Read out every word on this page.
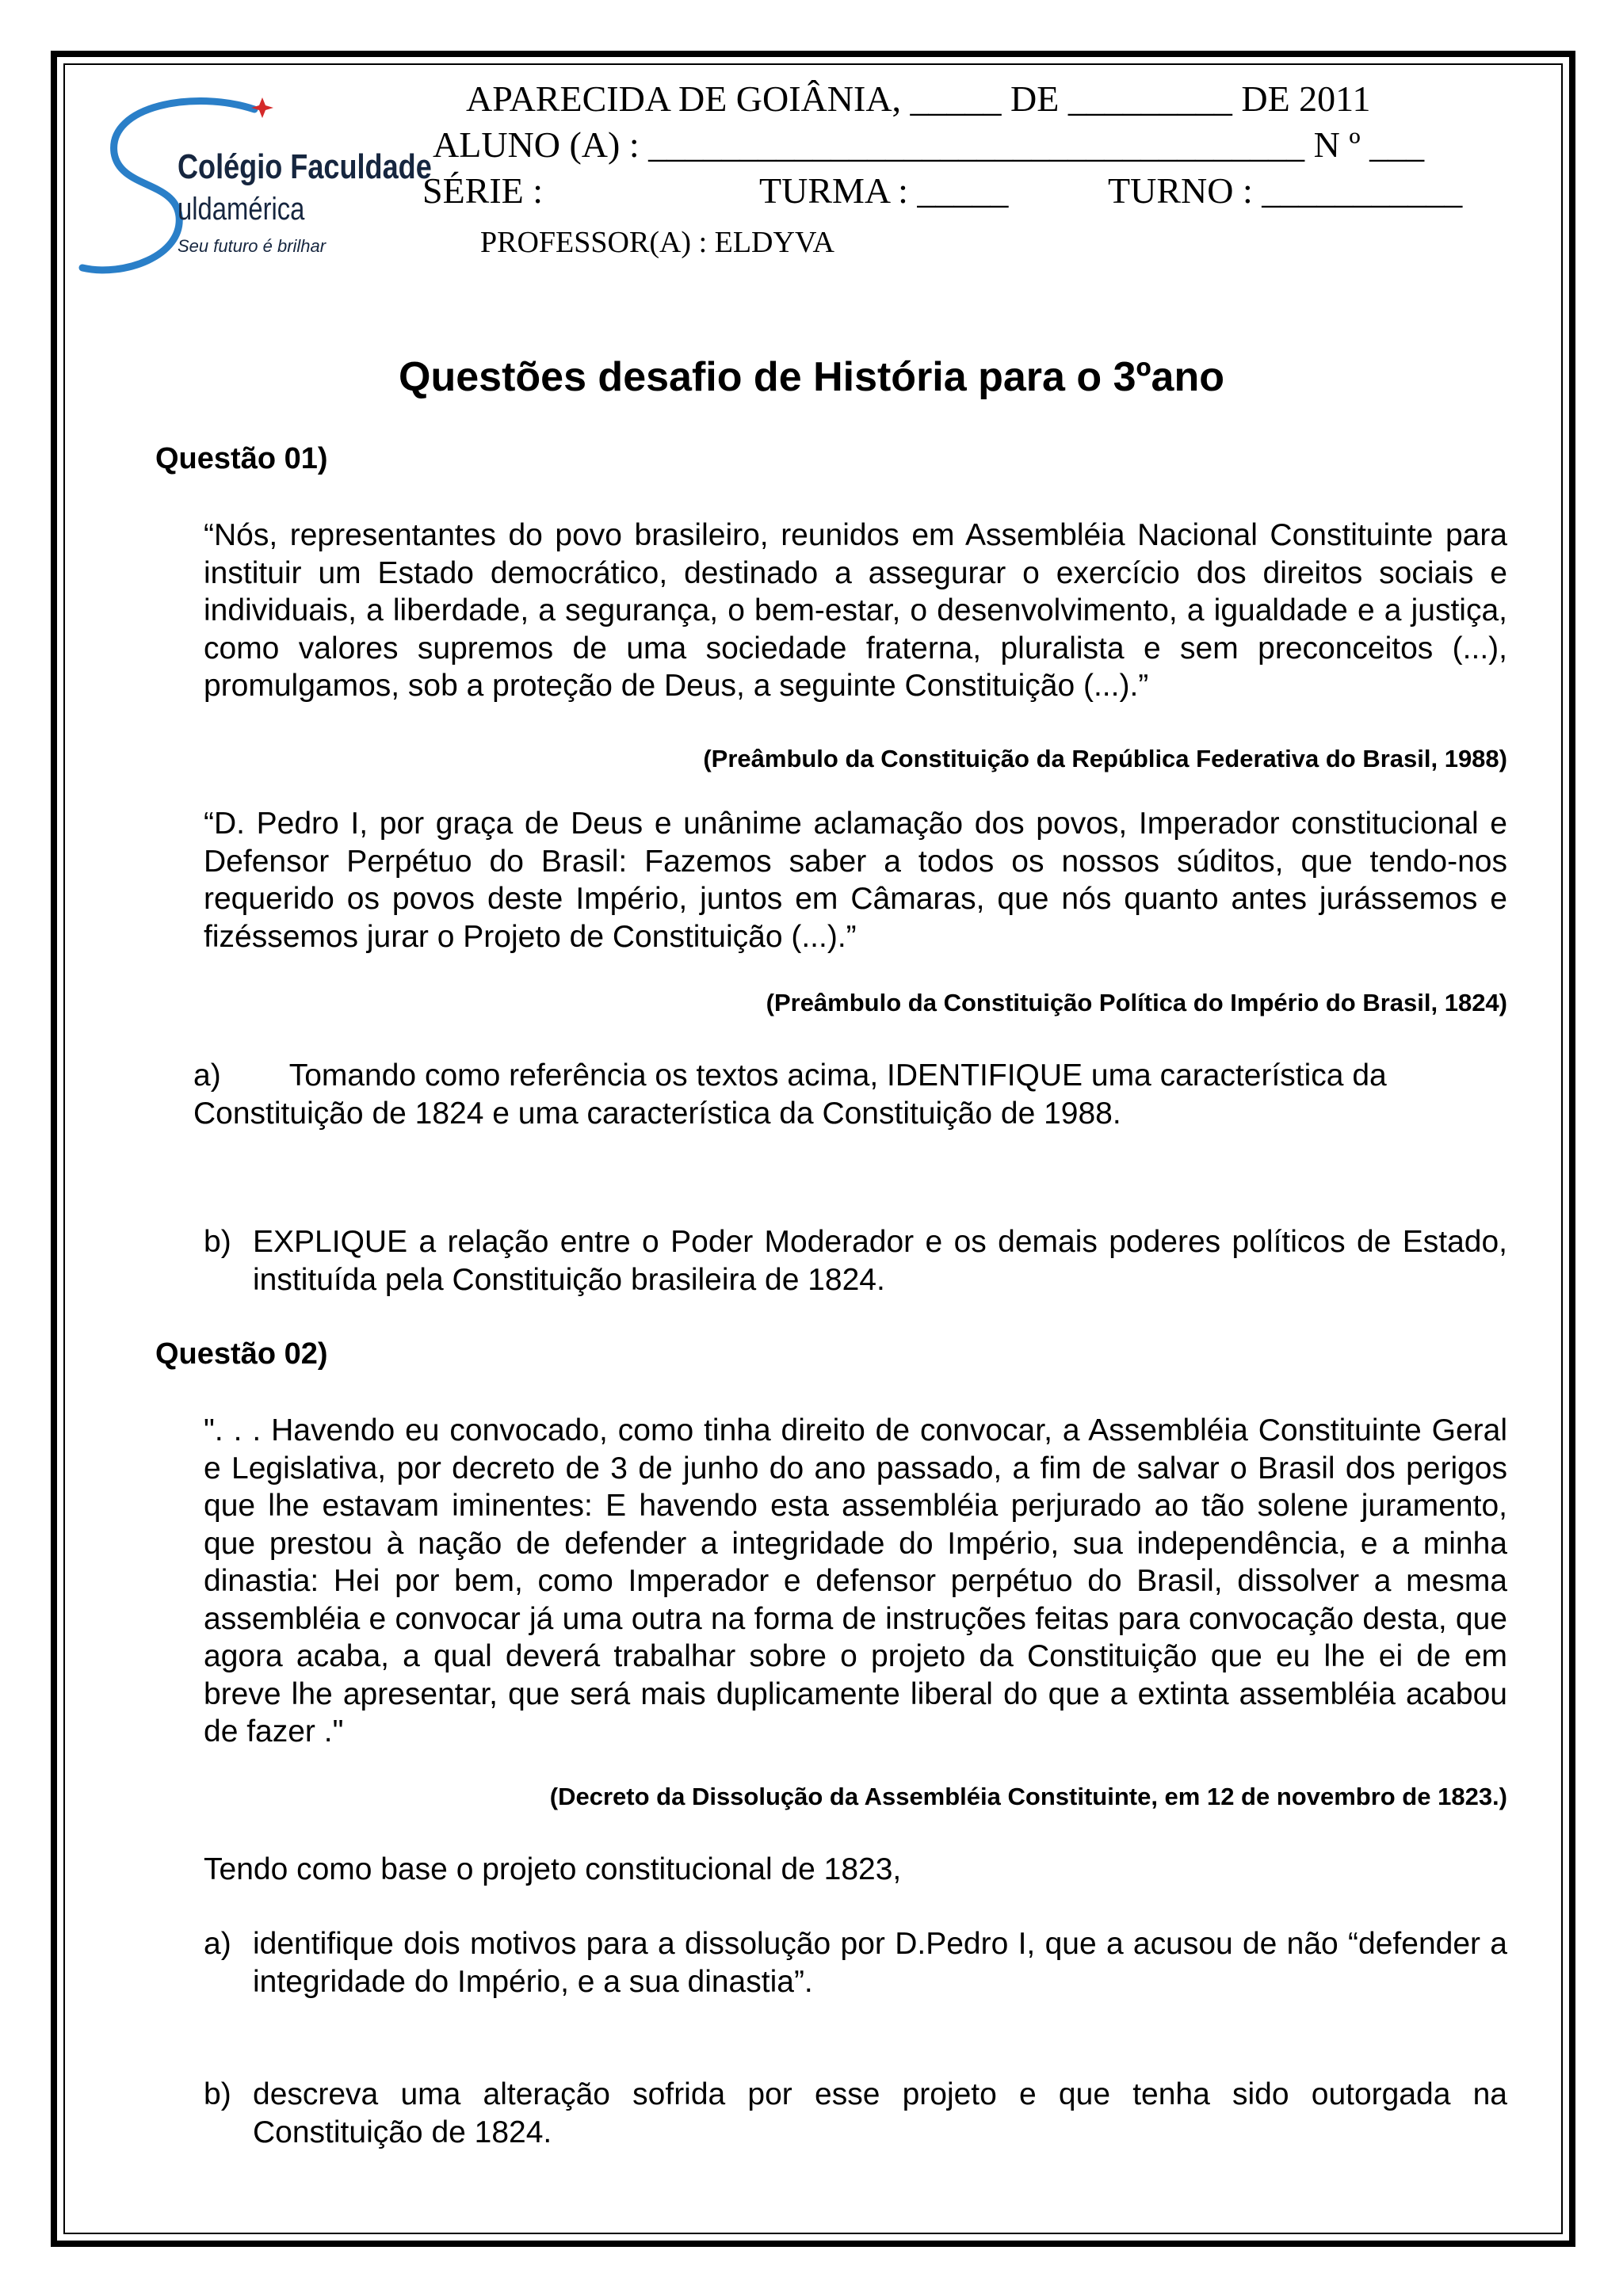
Colégio Faculdade
uldamérica
Seu futuro é brilhar
APARECIDA DE GOIÂNIA, _____ DE _________ DE 2011
ALUNO (A) : ____________________________________ N º ___
SÉRIE :	TURMA : _____	TURNO : ___________
PROFESSOR(A) : ELDYVA
Questões desafio de História para o 3ºano
Questão 01)
“Nós, representantes do povo brasileiro, reunidos em Assembléia Nacional Constituinte para instituir um Estado democrático, destinado a assegurar o exercício dos direitos sociais e individuais, a liberdade, a segurança, o bem-estar, o desenvolvimento, a igualdade e a justiça, como valores supremos de uma sociedade fraterna, pluralista e sem preconceitos (...), promulgamos, sob a proteção de Deus, a seguinte Constituição (...).”
(Preâmbulo da Constituição da República Federativa do Brasil, 1988)
“D. Pedro I, por graça de Deus e unânime aclamação dos povos, Imperador constitucional e Defensor Perpétuo do Brasil: Fazemos saber a todos os nossos súditos, que tendo-nos requerido os povos deste Império, juntos em Câmaras, que nós quanto antes jurássemos e fizéssemos jurar o Projeto de Constituição (...).”
(Preâmbulo da Constituição Política do Império do Brasil, 1824)
a) Tomando como referência os textos acima, IDENTIFIQUE uma característica da
Constituição de 1824 e uma característica da Constituição de 1988.
b) EXPLIQUE a relação entre o Poder Moderador e os demais poderes políticos de Estado, instituída pela Constituição brasileira de 1824.
Questão 02)
". . . Havendo eu convocado, como tinha direito de convocar, a Assembléia Constituinte Geral e Legislativa, por decreto de 3 de junho do ano passado, a fim de salvar o Brasil dos perigos que lhe estavam iminentes: E havendo esta assembléia perjurado ao tão solene juramento, que prestou à nação de defender a integridade do Império, sua independência, e a minha dinastia: Hei por bem, como Imperador e defensor perpétuo do Brasil, dissolver a mesma assembléia e convocar já uma outra na forma de instruções feitas para convocação desta, que agora acaba, a qual deverá trabalhar sobre o projeto da Constituição que eu lhe ei de em breve lhe apresentar, que será mais duplicamente liberal do que a extinta assembléia acabou de fazer ."
(Decreto da Dissolução da Assembléia Constituinte, em 12 de novembro de 1823.)
Tendo como base o projeto constitucional de 1823,
a) identifique dois motivos para a dissolução por D.Pedro I, que a acusou de não “defender a integridade do Império, e a sua dinastia”.
b) descreva uma alteração sofrida por esse projeto e que tenha sido outorgada na Constituição de 1824.
